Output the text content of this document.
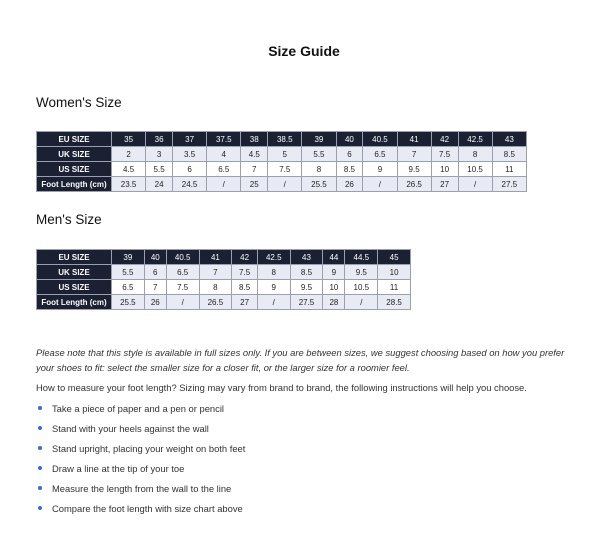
Size Guide
Women's Size
EU SIZE	35	36	37	37.5	38	38.5	39	40	40.5	41	42	42.5	43
UK SIZE	2	3	3.5	4	4.5	5	5.5	6	6.5	7	7.5	8	8.5
US SIZE	4.5	5.5	6	6.5	7	7.5	8	8.5	9	9.5	10	10.5	11
Foot Length (cm)	23.5	24	24.5	/	25	/	25.5	26	/	26.5	27	/	27.5
Men's Size
EU SIZE	39	40	40.5	41	42	42.5	43	44	44.5	45
UK SIZE	5.5	6	6.5	7	7.5	8	8.5	9	9.5	10
US SIZE	6.5	7	7.5	8	8.5	9	9.5	10	10.5	11
Foot Length (cm)	25.5	26	/	26.5	27	/	27.5	28	/	28.5
Please note that this style is available in full sizes only. If you are between sizes, we suggest choosing based on how you prefer your shoes to fit: select the smaller size for a closer fit, or the larger size for a roomier feel.
How to measure your foot length? Sizing may vary from brand to brand, the following instructions will help you choose.
Take a piece of paper and a pen or pencil
Stand with your heels against the wall
Stand upright, placing your weight on both feet
Draw a line at the tip of your toe
Measure the length from the wall to the line
Compare the foot length with size chart above
